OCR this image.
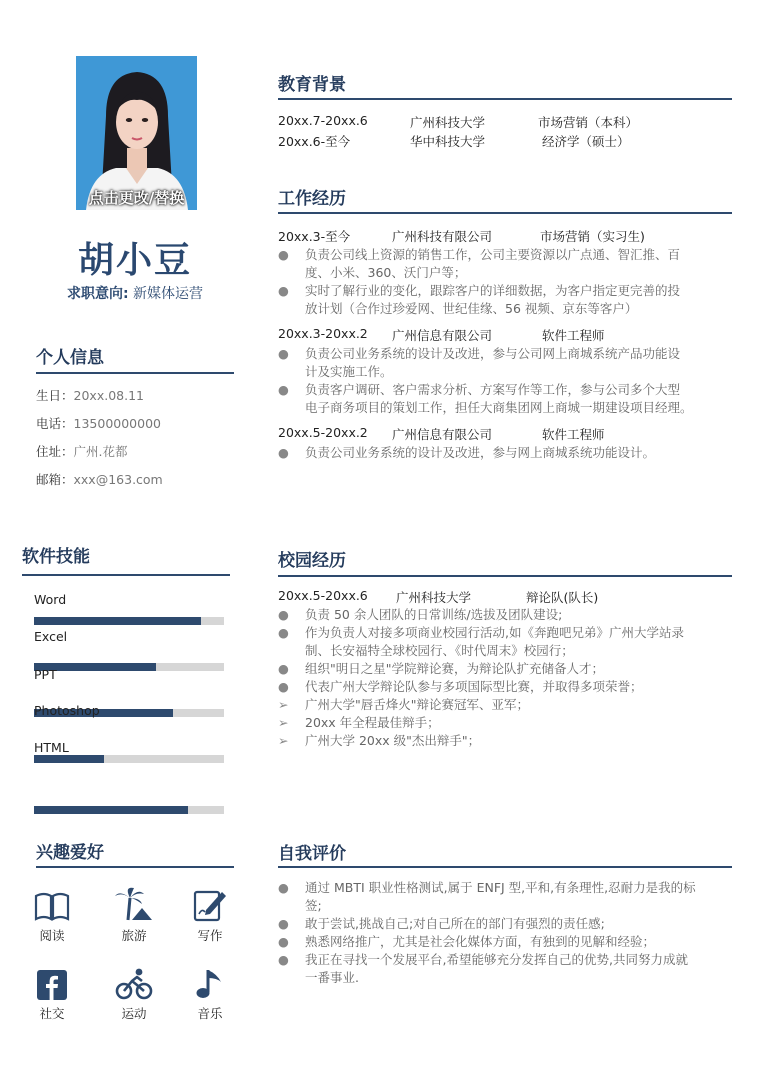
点击更改/替换
胡小豆
求职意向: 新媒体运营
个人信息
生日：20xx.08.11
电话：13500000000
住址：广州.花都
邮箱：xxx@163.com
软件技能
Word
Excel
PPT
Photoshop
HTML
兴趣爱好
阅读	旅游	写作
社交	运动	音乐
教育背景
20xx.7-20xx.6	广州科技大学	市场营销（本科）
20xx.6-至今	华中科技大学	经济学（硕士）
工作经历
20xx.3-至今	广州科技有限公司	市场营销（实习生)
● 负责公司线上资源的销售工作，公司主要资源以广点通、智汇推、百
度、小米、360、沃门户等；
● 实时了解行业的变化，跟踪客户的详细数据，为客户指定更完善的投
放计划（合作过珍爱网、世纪佳缘、56 视频、京东等客户）
20xx.3-20xx.2 广州信息有限公司	软件工程师
● 负责公司业务系统的设计及改进，参与公司网上商城系统产品功能设
计及实施工作。
● 负责客户调研、客户需求分析、方案写作等工作，参与公司多个大型
电子商务项目的策划工作，担任大商集团网上商城一期建设项目经理。
20xx.5-20xx.2 广州信息有限公司	软件工程师
● 负责公司业务系统的设计及改进，参与网上商城系统功能设计。
校园经历
20xx.5-20xx.6 广州科技大学	辩论队(队长)
● 负责 50 余人团队的日常训练/选拔及团队建设;
● 作为负责人对接多项商业校园行活动,如《奔跑吧兄弟》广州大学站录
制、长安福特全球校园行、《时代周末》校园行；
● 组织"明日之星"学院辩论赛，为辩论队扩充储备人才；
● 代表广州大学辩论队参与多项国际型比赛，并取得多项荣誉；
➢ 广州大学"唇舌烽火"辩论赛冠军、亚军；
➢ 20xx 年全程最佳辩手；
➢ 广州大学 20xx 级"杰出辩手"；
自我评价
● 通过 MBTI 职业性格测试,属于 ENFJ 型,平和,有条理性,忍耐力是我的标
签;
● 敢于尝试,挑战自己;对自己所在的部门有强烈的责任感;
● 熟悉网络推广，尤其是社会化媒体方面，有独到的见解和经验；
● 我正在寻找一个发展平台,希望能够充分发挥自己的优势,共同努力成就
一番事业.
